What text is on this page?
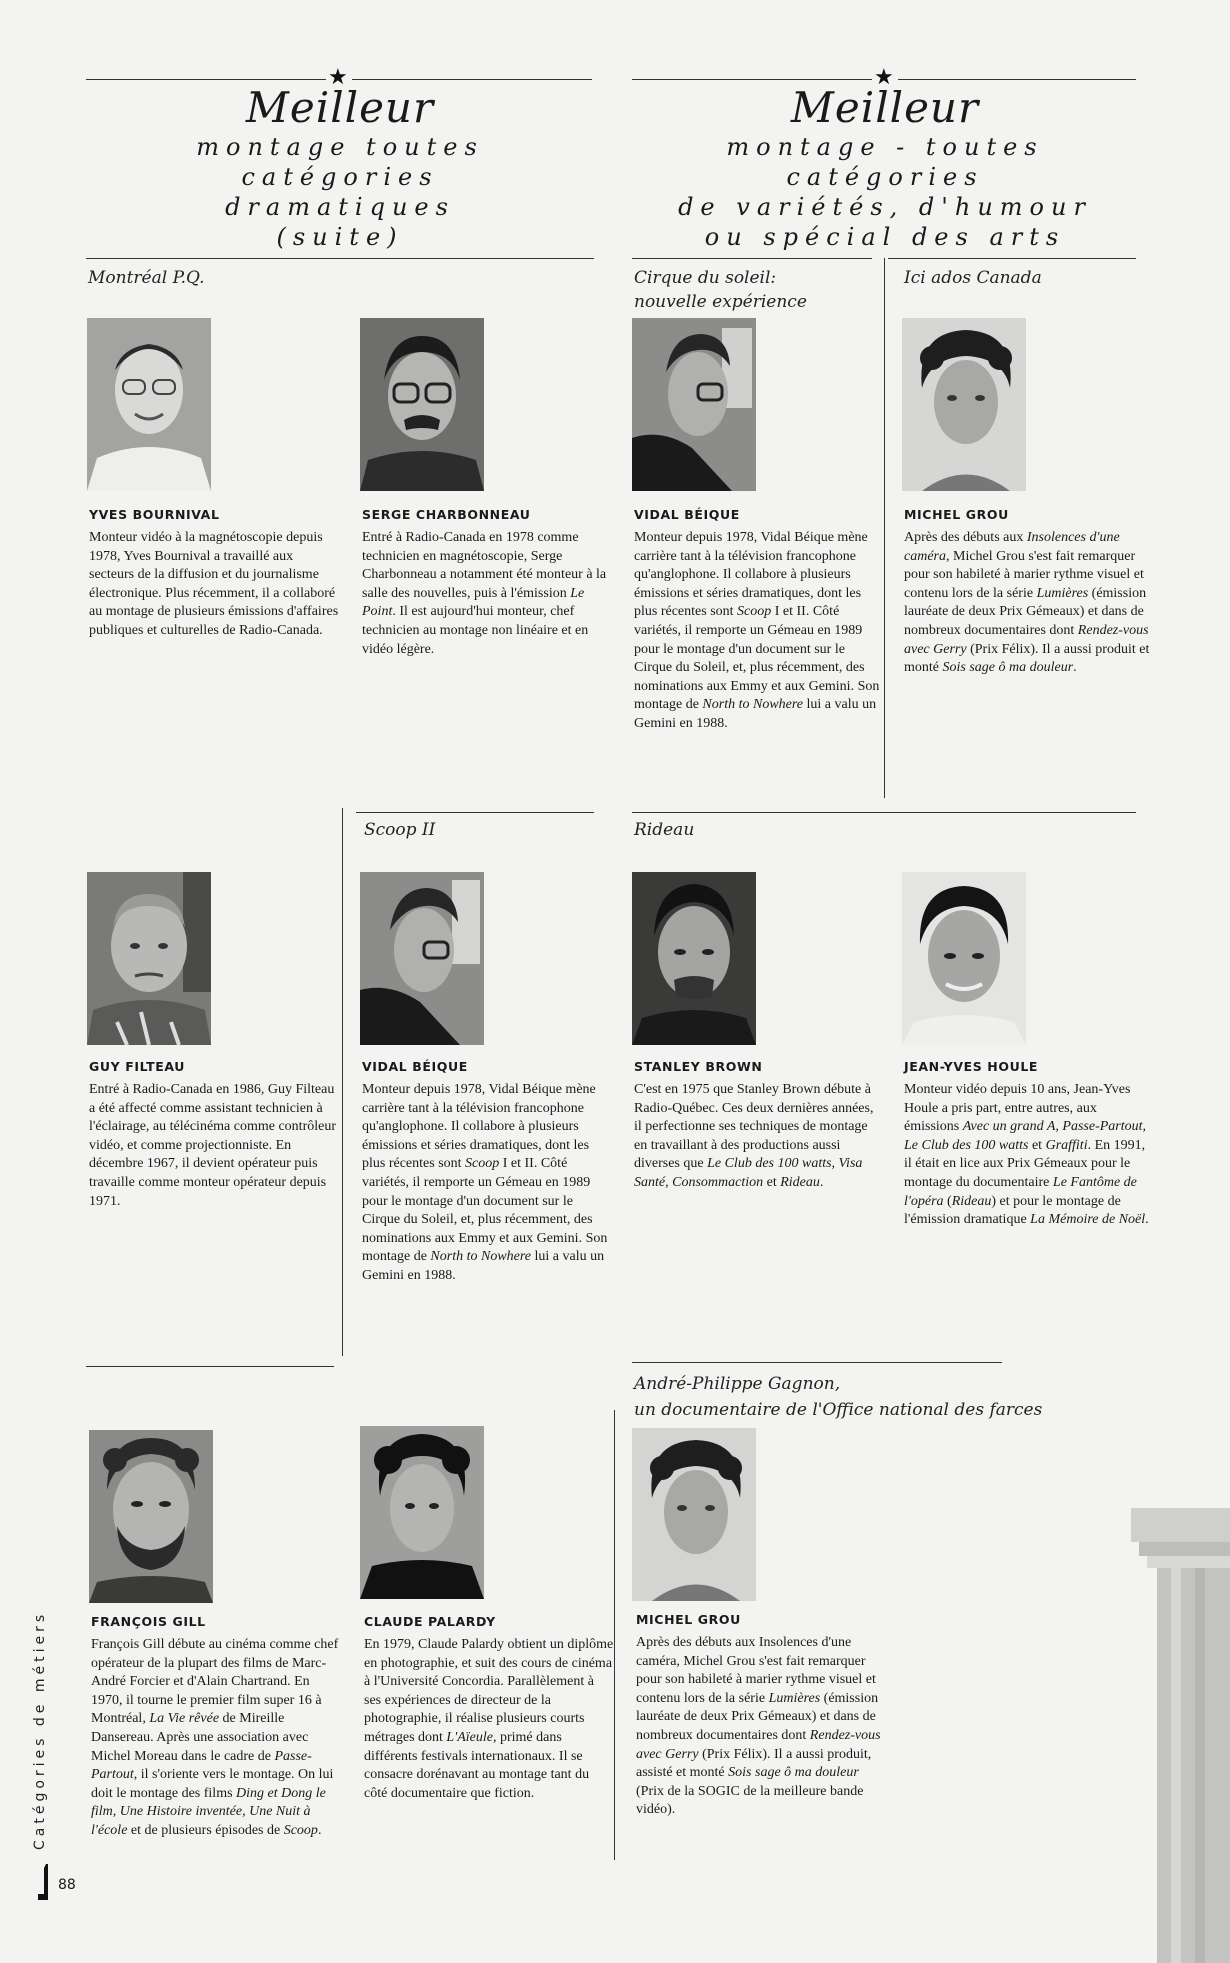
★
Meilleur
montage toutes catégories
dramatiques
(suite)
★
Meilleur
montage - toutes catégories
de variétés, d'humour
ou spécial des arts
Montréal P.Q.	Cirque du soleil:
nouvelle expérience
Ici ados Canada
Scoop II	Rideau
André-Philippe Gagnon,
un documentaire de l'Office national des farces
YVES BOURNIVAL
Monteur vidéo à la magnétoscopie depuis 1978, Yves Bournival a travaillé aux secteurs de la diffusion et du journalisme électronique. Plus récemment, il a collaboré au montage de plusieurs émissions d'affaires publiques et culturelles de Radio-Canada.
SERGE CHARBONNEAU
Entré à Radio-Canada en 1978 comme technicien en magnétoscopie, Serge Charbonneau a notamment été monteur à la salle des nouvelles, puis à l'émission Le Point. Il est aujourd'hui monteur, chef technicien au montage non linéaire et en vidéo légère.
VIDAL BÉIQUE
Monteur depuis 1978, Vidal Béique mène carrière tant à la télévision francophone qu'anglophone. Il collabore à plusieurs émissions et séries dramatiques, dont les plus récentes sont Scoop I et II. Côté variétés, il remporte un Gémeau en 1989 pour le montage d'un document sur le Cirque du Soleil, et, plus récemment, des nominations aux Emmy et aux Gemini. Son montage de North to Nowhere lui a valu un Gemini en 1988.
MICHEL GROU
Après des débuts aux Insolences d'une caméra, Michel Grou s'est fait remarquer pour son habileté à marier rythme visuel et contenu lors de la série Lumières (émission lauréate de deux Prix Gémeaux) et dans de nombreux documentaires dont Rendez-vous avec Gerry (Prix Félix). Il a aussi produit et monté Sois sage ô ma douleur.
GUY FILTEAU
Entré à Radio-Canada en 1986, Guy Filteau a été affecté comme assistant technicien à l'éclairage, au télécinéma comme contrôleur vidéo, et comme projectionniste. En décembre 1967, il devient opérateur puis travaille comme monteur opérateur depuis 1971.
VIDAL BÉIQUE
Monteur depuis 1978, Vidal Béique mène carrière tant à la télévision francophone qu'anglophone. Il collabore à plusieurs émissions et séries dramatiques, dont les plus récentes sont Scoop I et II. Côté variétés, il remporte un Gémeau en 1989 pour le montage d'un document sur le Cirque du Soleil, et, plus récemment, des nominations aux Emmy et aux Gemini. Son montage de North to Nowhere lui a valu un Gemini en 1988.
STANLEY BROWN
C'est en 1975 que Stanley Brown débute à Radio-Québec. Ces deux dernières années, il perfectionne ses techniques de montage en travaillant à des productions aussi diverses que Le Club des 100 watts, Visa Santé, Consommaction et Rideau.
JEAN-YVES HOULE
Monteur vidéo depuis 10 ans, Jean-Yves Houle a pris part, entre autres, aux émissions Avec un grand A, Passe-Partout, Le Club des 100 watts et Graffiti. En 1991, il était en lice aux Prix Gémeaux pour le montage du documentaire Le Fantôme de l'opéra (Rideau) et pour le montage de l'émission dramatique La Mémoire de Noël.
FRANÇOIS GILL
François Gill débute au cinéma comme chef opérateur de la plupart des films de Marc-André Forcier et d'Alain Chartrand. En 1970, il tourne le premier film super 16 à Montréal, La Vie rêvée de Mireille Dansereau. Après une association avec Michel Moreau dans le cadre de Passe-Partout, il s'oriente vers le montage. On lui doit le montage des films Ding et Dong le film, Une Histoire inventée, Une Nuit à l'école et de plusieurs épisodes de Scoop.
CLAUDE PALARDY
En 1979, Claude Palardy obtient un diplôme en photographie, et suit des cours de cinéma à l'Université Concordia. Parallèlement à ses expériences de directeur de la photographie, il réalise plusieurs courts métrages dont L'Aïeule, primé dans différents festivals internationaux. Il se consacre dorénavant au montage tant du côté documentaire que fiction.
MICHEL GROU
Après des débuts aux Insolences d'une caméra, Michel Grou s'est fait remarquer pour son habileté à marier rythme visuel et contenu lors de la série Lumières (émission lauréate de deux Prix Gémeaux) et dans de nombreux documentaires dont Rendez-vous avec Gerry (Prix Félix). Il a aussi produit, assisté et monté Sois sage ô ma douleur (Prix de la SOGIC de la meilleure bande vidéo).
Catégories de métiers
88
